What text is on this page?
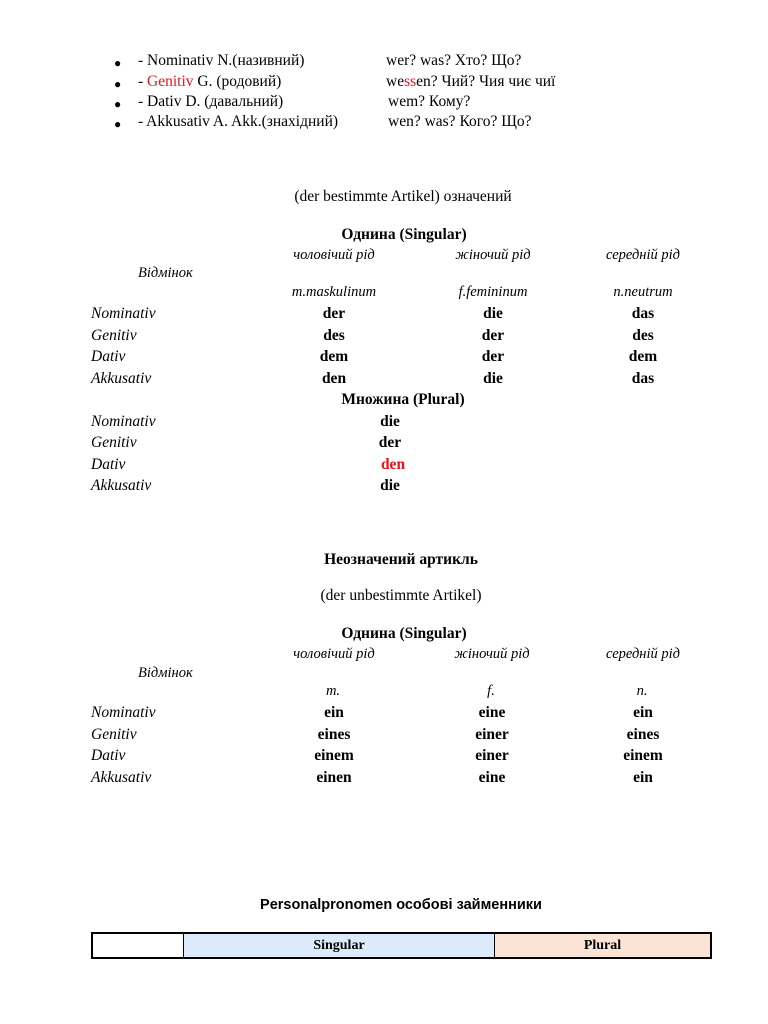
● - Nominativ N.(називний)	wer? was? Хто? Що?
● - Genitiv G. (родовий)	wessen? Чий? Чия чиє чиї
● - Dativ D. (давальний)	wem? Кому?
● - Akkusativ A. Akk.(знахідний)	wen? was? Кого? Що?
(der bestimmte Artikel) означений
Однина (Singular)
чоловічий рід	жіночий рід	середній рід
Відмінок
m.maskulinum	f.femininum	n.neutrum
Nominativ	der	die	das
Genitiv	des	der	des
Dativ	dem	der	dem
Akkusativ	den	die	das
Множина (Plural)
Nominativ	die
Genitiv	der
Dativ	den
Akkusativ	die
Неозначений артикль
(der unbestimmte Artikel)
Однина (Singular)
чоловічий рід	жіночий рід	середній рід
Відмінок
m.	f.	n.
Nominativ	ein	eine	ein
Genitiv	eines	einer	eines
Dativ	einem	einer	einem
Akkusativ	einen	eine	ein
Personalpronomen особові займенники
Singular	Plural
